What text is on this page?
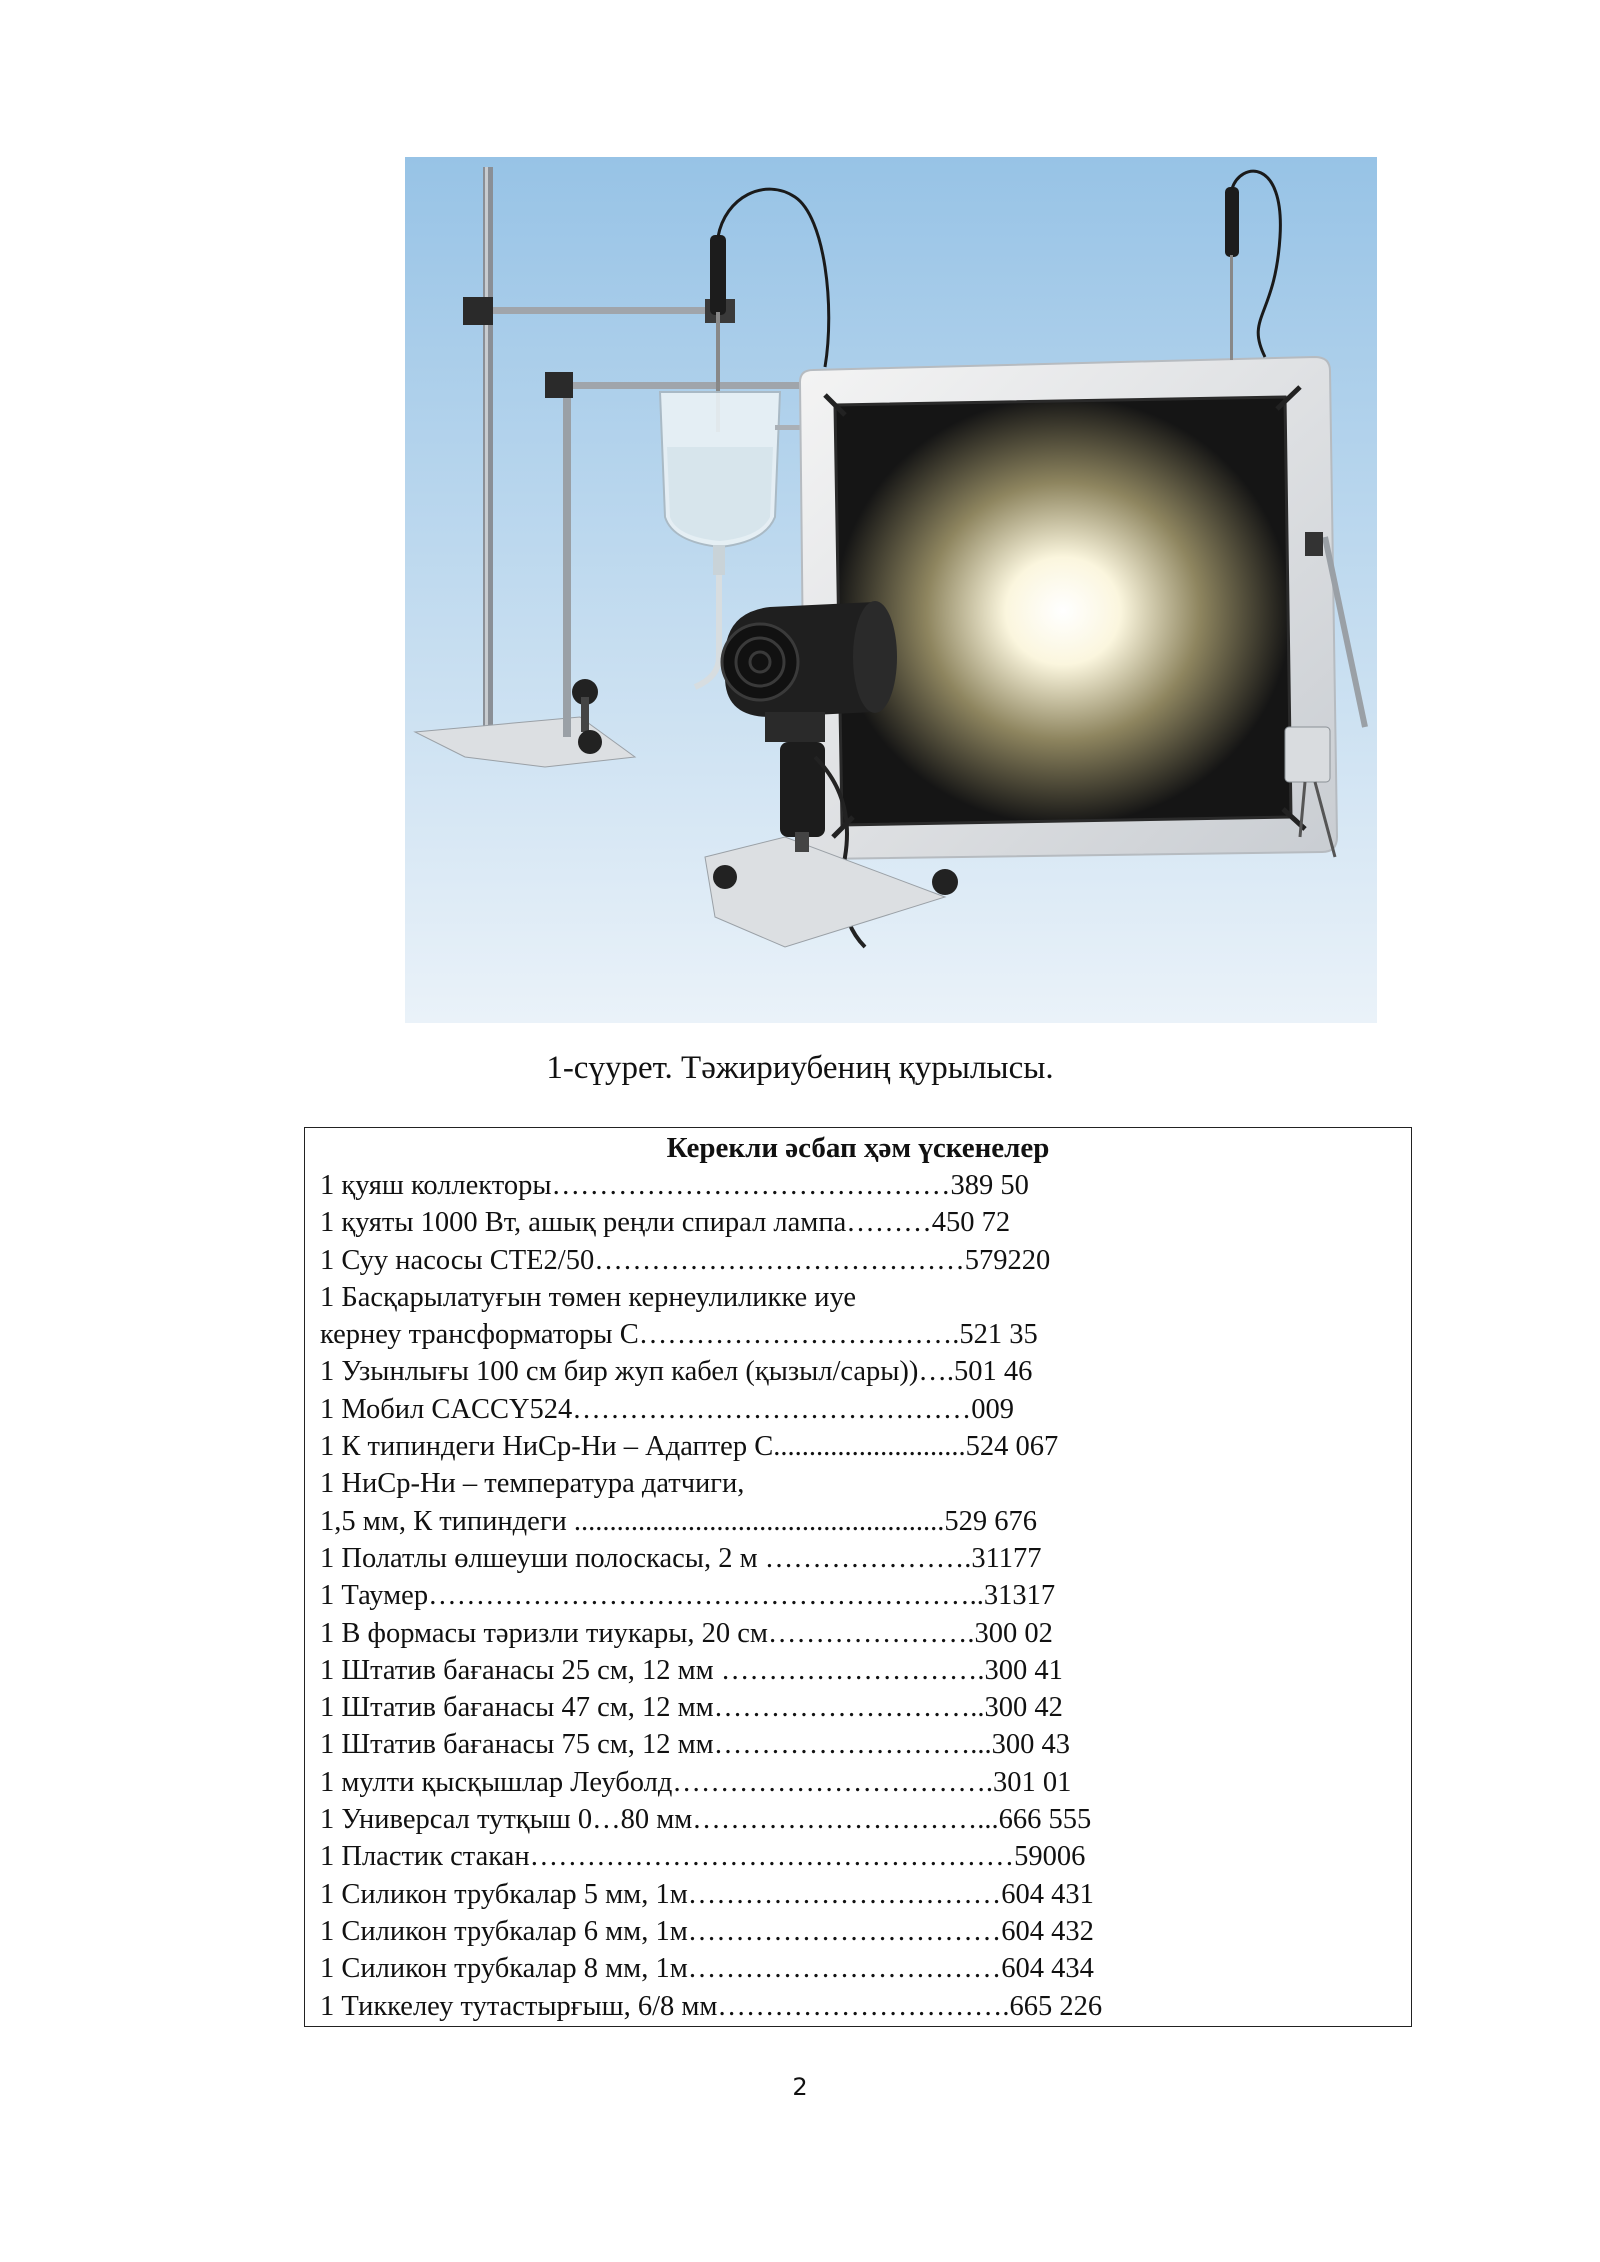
1-сүурет. Тәжириубениң қурылысы.
Керекли әсбап ҳәм үскенелер
1 қуяш коллекторы……………………………………389 50
1 қуяты 1000 Вт, ашық реңли спирал лампа………450 72
1 Суу насосы СТЕ2/50…………………………………579220
1 Басқарылатуғын төмен кернеулиликке иуе
кернеу трансформаторы С…………………………….521 35
1 Узынлығы 100 см бир жуп кабел (қызыл/сары))….501 46
1 Мобил CACCY524……………………………………009
1 К типиндеги НиСр-Ни – Адаптер С...........................524 067
1 НиСр-Ни – температура датчиги,
1,5 мм, К типиндеги ....................................................529 676
1 Полатлы өлшеуши полоскасы, 2 м ………………….31177
1 Таумер…………………………………………………..31317
1 В формасы тәризли тиукары, 20 см………………….300 02
1 Штатив бағанасы 25 см, 12 мм ……………………….300 41
1 Штатив бағанасы 47 см, 12 мм………………………..300 42
1 Штатив бағанасы 75 см, 12 мм………………………...300 43
1 мулти қысқышлар Леуболд…………………………….301 01
1 Универсал тутқыш 0…80 мм…………………………...666 555
1 Пластик стакан……………………………………………59006
1 Силикон трубкалар 5 мм, 1м……………………………604 431
1 Силикон трубкалар 6 мм, 1м……………………………604 432
1 Силикон трубкалар 8 мм, 1м……………………………604 434
1 Тиккелеу тутастырғыш, 6/8 мм………………………….665 226
2
